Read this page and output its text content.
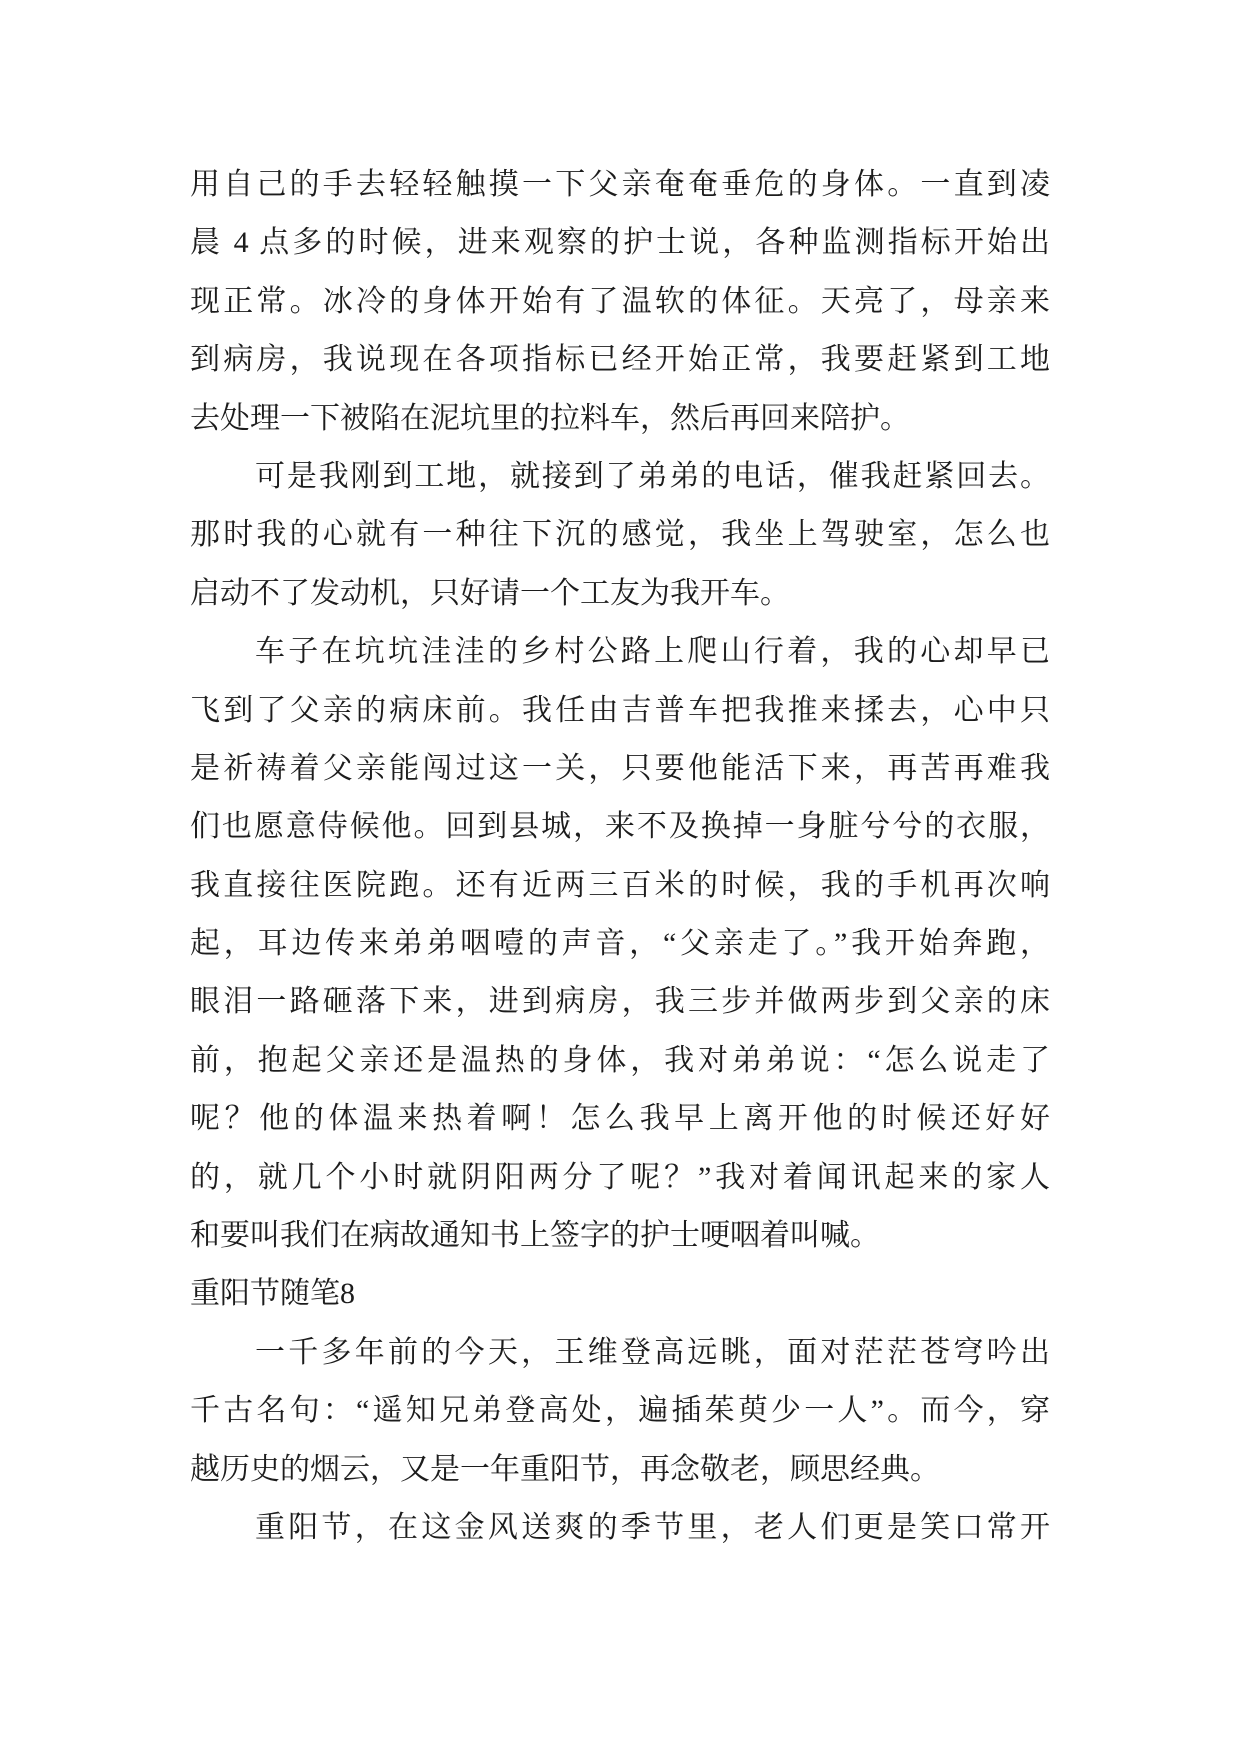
用自己的手去轻轻触摸一下父亲奄奄垂危的身体。一直到凌
晨 4 点多的时候，进来观察的护士说，各种监测指标开始出
现正常。冰冷的身体开始有了温软的体征。天亮了，母亲来
到病房，我说现在各项指标已经开始正常，我要赶紧到工地
去处理一下被陷在泥坑里的拉料车，然后再回来陪护。
可是我刚到工地，就接到了弟弟的电话，催我赶紧回去。
那时我的心就有一种往下沉的感觉，我坐上驾驶室，怎么也
启动不了发动机，只好请一个工友为我开车。
车子在坑坑洼洼的乡村公路上爬山行着，我的心却早已
飞到了父亲的病床前。我任由吉普车把我推来揉去，心中只
是祈祷着父亲能闯过这一关，只要他能活下来，再苦再难我
们也愿意侍候他。回到县城，来不及换掉一身脏兮兮的衣服，
我直接往医院跑。还有近两三百米的时候，我的手机再次响
起，耳边传来弟弟咽噎的声音，“父亲走了。”我开始奔跑，
眼泪一路砸落下来，进到病房，我三步并做两步到父亲的床
前，抱起父亲还是温热的身体，我对弟弟说：“怎么说走了
呢？他的体温来热着啊！怎么我早上离开他的时候还好好
的，就几个小时就阴阳两分了呢？”我对着闻讯起来的家人
和要叫我们在病故通知书上签字的护士哽咽着叫喊。
重阳节随笔8
一千多年前的今天，王维登高远眺，面对茫茫苍穹吟出
千古名句：“遥知兄弟登高处，遍插茱萸少一人”。而今，穿
越历史的烟云，又是一年重阳节，再念敬老，顾思经典。
重阳节，在这金风送爽的季节里，老人们更是笑口常开
